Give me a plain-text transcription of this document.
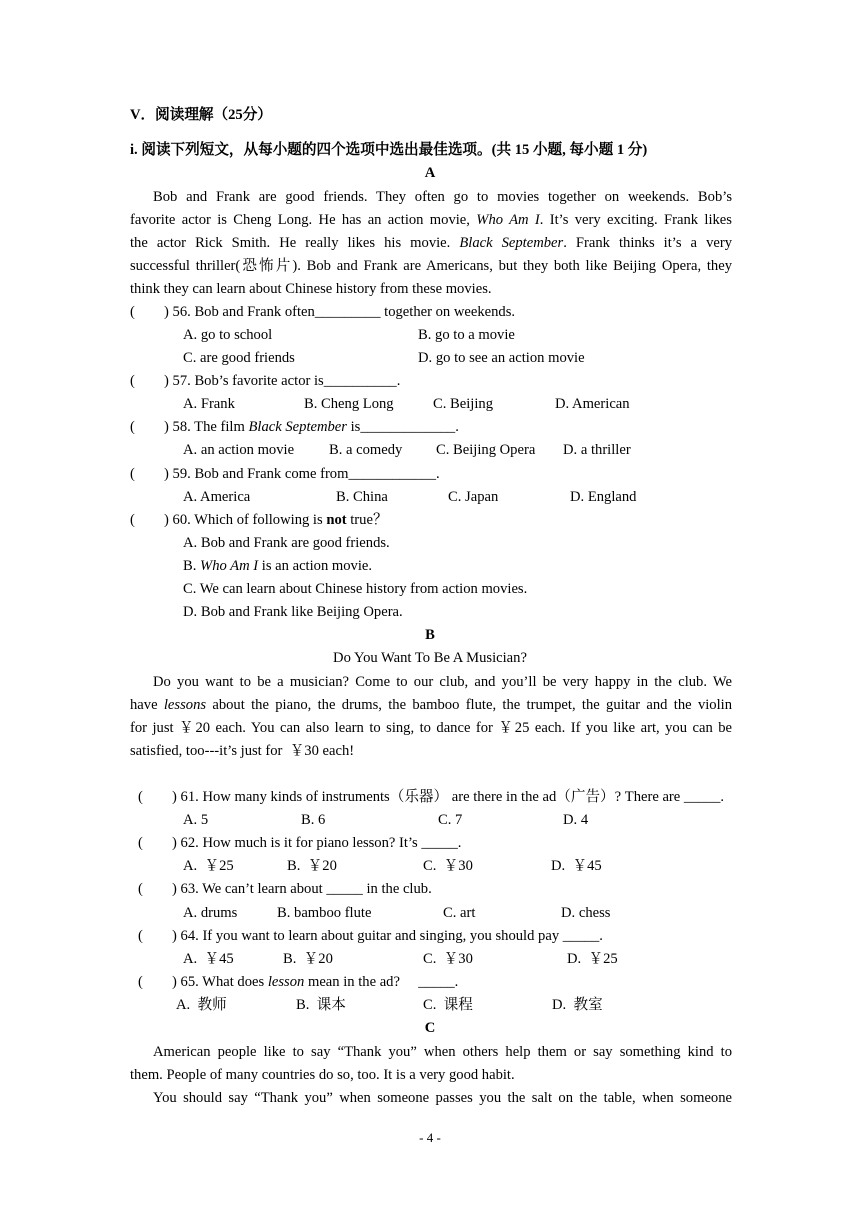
V．阅读理解（25分）
i. 阅读下列短文，从每小题的四个选项中选出最佳选项。(共 15 小题, 每小题 1 分)
A
Bob and Frank are good friends. They often go to movies together on weekends. Bob’s
favorite actor is Cheng Long. He has an action movie, Who Am I. It’s very exciting. Frank likes
the actor Rick Smith. He really likes his movie. Black September. Frank thinks it’s a very
successful thriller(恐怖片). Bob and Frank are Americans, but they both like Beijing Opera, they
think they can learn about Chinese history from these movies.
(        ) 56. Bob and Frank often_________ together on weekends.
A. go to school	B. go to a movie
C. are good friends	D. go to see an action movie
(        ) 57. Bob’s favorite actor is__________.
A. Frank	B. Cheng Long	C. Beijing	D. American
(        ) 58. The film Black September is_____________.
A. an action movie B. a comedy C. Beijing Opera D. a thriller
(        ) 59. Bob and Frank come from____________.
A. America	B. China	C. Japan	D. England
(        ) 60. Which of following is not true？
A. Bob and Frank are good friends.
B. Who Am I is an action movie.
C. We can learn about Chinese history from action movies.
D. Bob and Frank like Beijing Opera.
B
Do You Want To Be A Musician?
Do you want to be a musician? Come to our club, and you’ll be very happy in the club. We
have lessons about the piano, the drums, the bamboo flute, the trumpet, the guitar and the violin
for just ￥20 each. You can also learn to sing, to dance for ￥25 each. If you like art, you can be
satisfied, too---it’s just for  ￥30 each!
(        ) 61. How many kinds of instruments（乐器） are there in the ad（广告）? There are _____.
A. 5	B. 6	C. 7	D. 4
(        ) 62. How much is it for piano lesson? It’s _____.
A.  ￥25	B.  ￥20	C.  ￥30	D.  ￥45
(        ) 63. We can’t learn about _____ in the club.
A. drums	B. bamboo flute	C. art	D. chess
(        ) 64. If you want to learn about guitar and singing, you should pay _____.
A.  ￥45	B.  ￥20	C.  ￥30	D.  ￥25
(        ) 65. What does lesson mean in the ad?     _____.
A.  教师	B.  课本	C.  课程	D.  教室
C
American people like to say “Thank you” when others help them or say something kind to
them. People of many countries do so, too. It is a very good habit.
You should say “Thank you” when someone passes you the salt on the table, when someone
- 4 -
